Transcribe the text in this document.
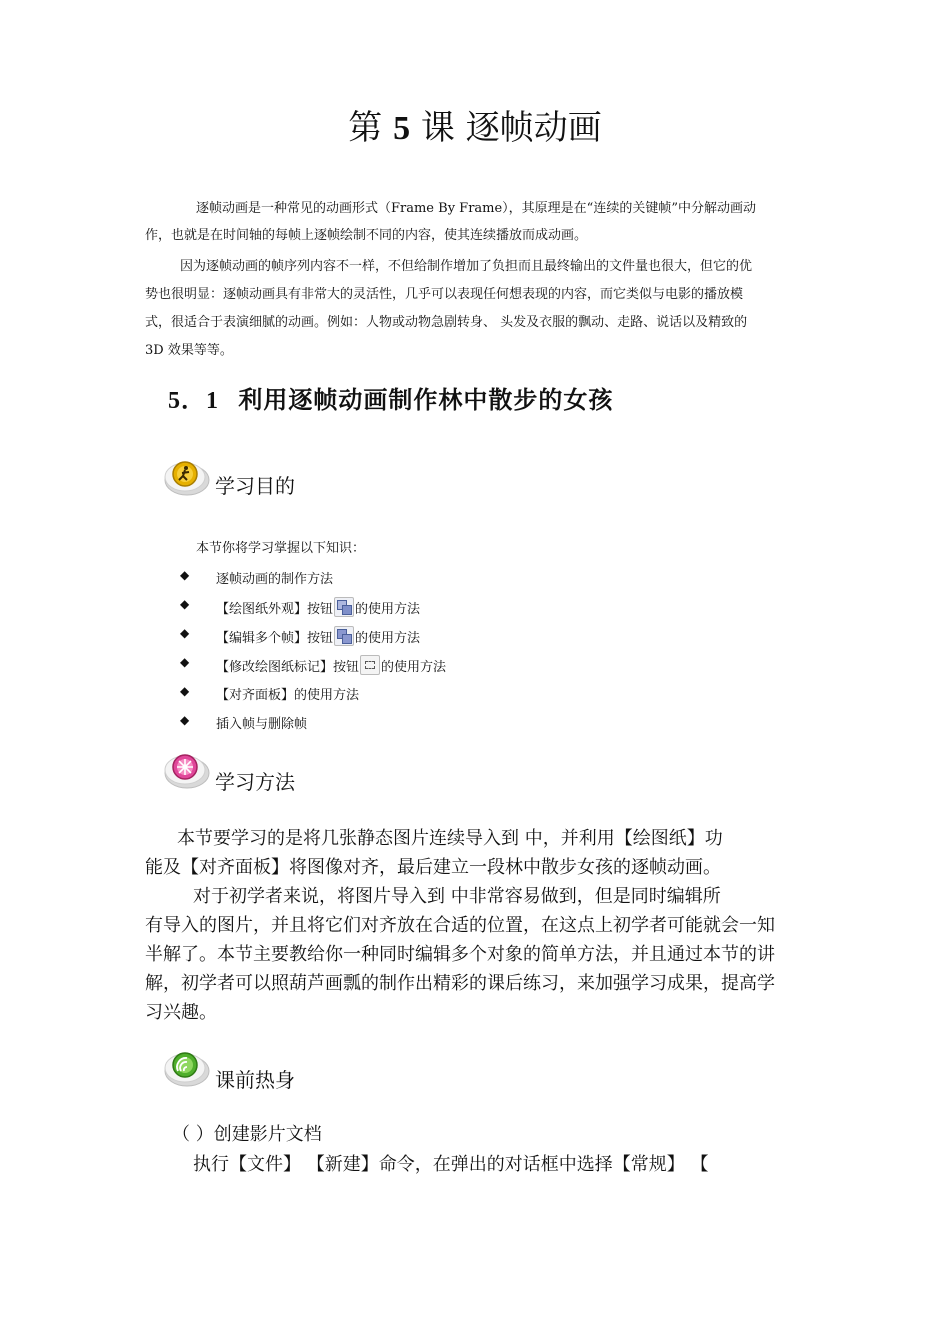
第 5 课 逐帧动画
逐帧动画是一种常见的动画形式（Frame By Frame），其原理是在“连续的关键帧”中分解动画动
作，也就是在时间轴的每帧上逐帧绘制不同的内容，使其连续播放而成动画。
因为逐帧动画的帧序列内容不一样，不但给制作增加了负担而且最终输出的文件量也很大，但它的优
势也很明显：逐帧动画具有非常大的灵活性，几乎可以表现任何想表现的内容，而它类似与电影的播放模
式，很适合于表演细腻的动画。例如：人物或动物急剧转身、 头发及衣服的飘动、走路、说话以及精致的
3D 效果等等。
5．1 利用逐帧动画制作林中散步的女孩
学习目的
本节你将学习掌握以下知识：
◆ 逐帧动画的制作方法
◆ 【绘图纸外观】按钮 的使用方法
◆ 【编辑多个帧】按钮 的使用方法
◆ 【修改绘图纸标记】按钮 的使用方法
◆ 【对齐面板】的使用方法
◆ 插入帧与删除帧
学习方法
本节要学习的是将几张静态图片连续导入到 中，并利用【绘图纸】功
能及【对齐面板】将图像对齐，最后建立一段林中散步女孩的逐帧动画。
对于初学者来说，将图片导入到 中非常容易做到，但是同时编辑所
有导入的图片，并且将它们对齐放在合适的位置，在这点上初学者可能就会一知
半解了。本节主要教给你一种同时编辑多个对象的简单方法，并且通过本节的讲
解，初学者可以照葫芦画瓢的制作出精彩的课后练习，来加强学习成果，提高学
习兴趣。
课前热身
（ ）创建影片文档
执行【文件】 【新建】命令，在弹出的对话框中选择【常规】 【
